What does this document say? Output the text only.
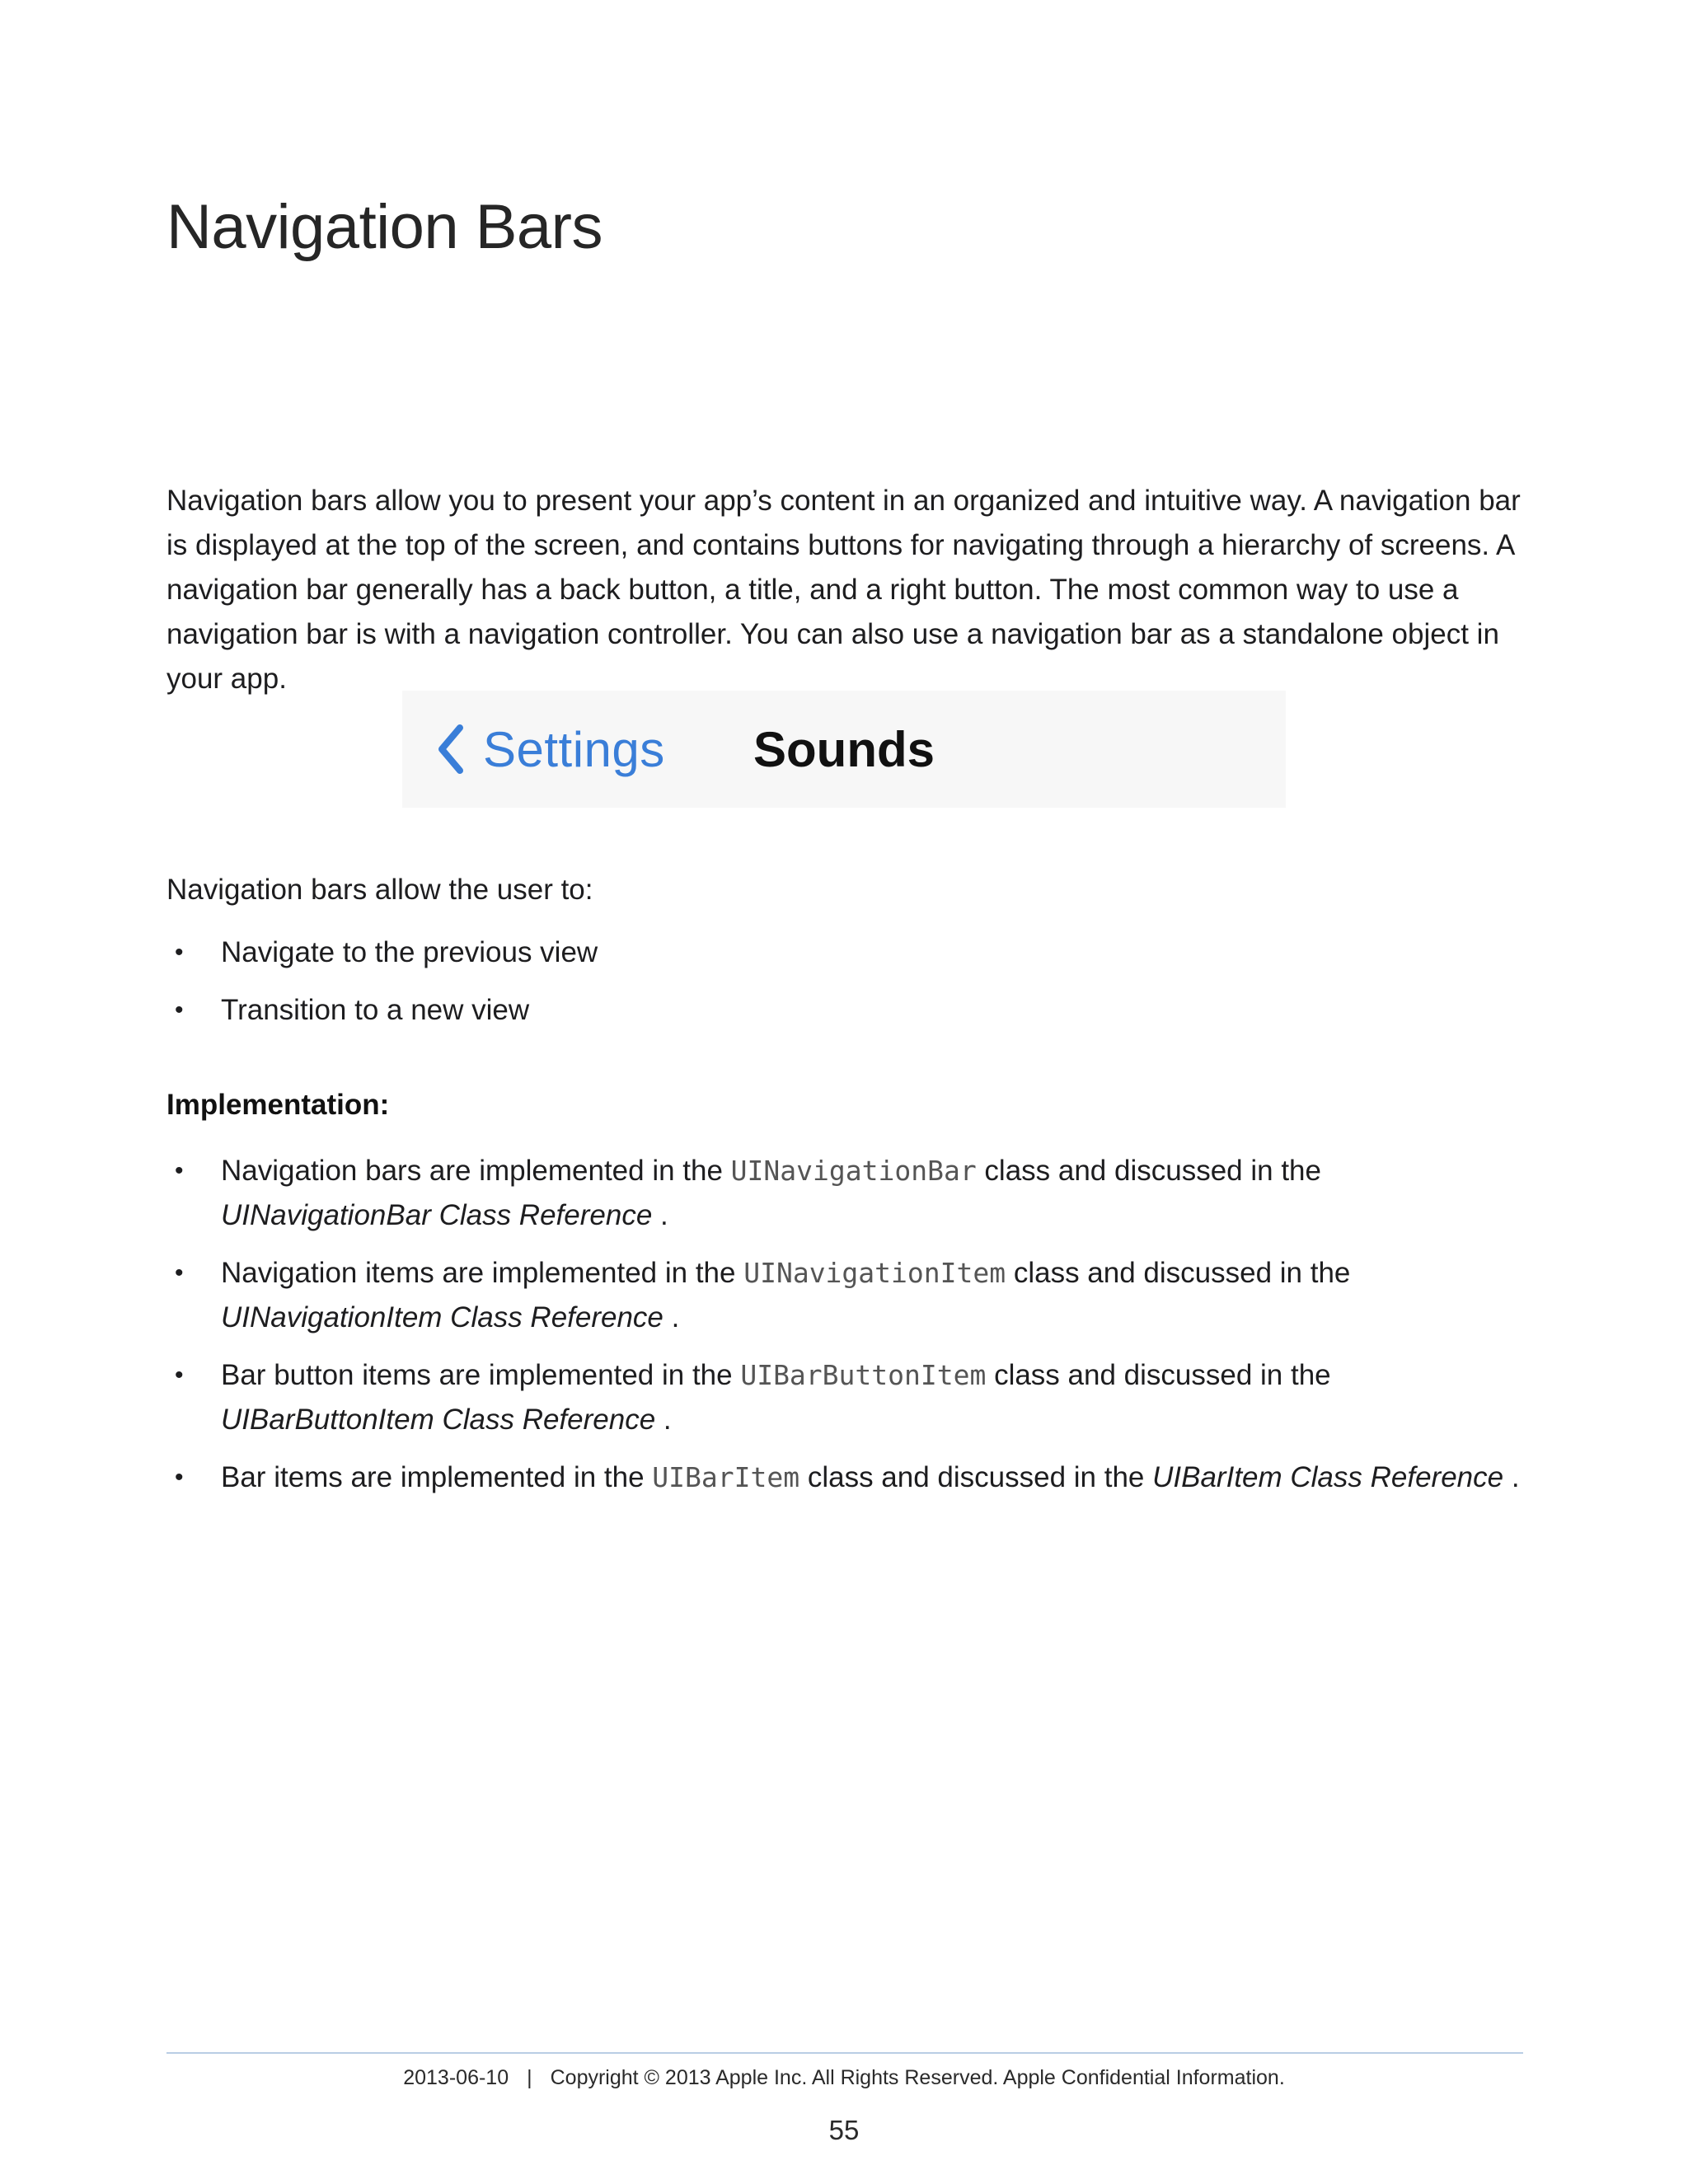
Navigation Bars

Navigation bars allow you to present your app’s content in an organized and intuitive way. A navigation bar is displayed at the top of the screen, and contains buttons for navigating through a hierarchy of screens. A navigation bar generally has a back button, a title, and a right button. The most common way to use a navigation bar is with a navigation controller. You can also use a navigation bar as a standalone object in your app.

Settings Sounds

Navigation bars allow the user to:

• Navigate to the previous view
• Transition to a new view
Implementation:
• Navigation bars are implemented in the UINavigationBar class and discussed in the UINavigationBar Class Reference .
• Navigation items are implemented in the UINavigationItem class and discussed in the UINavigationItem Class Reference .
• Bar button items are implemented in the UIBarButtonItem class and discussed in the UIBarButtonItem Class Reference .
• Bar items are implemented in the UIBarItem class and discussed in the UIBarItem Class Reference .
2013-06-10 | Copyright © 2013 Apple Inc. All Rights Reserved. Apple Confidential Information.
55
